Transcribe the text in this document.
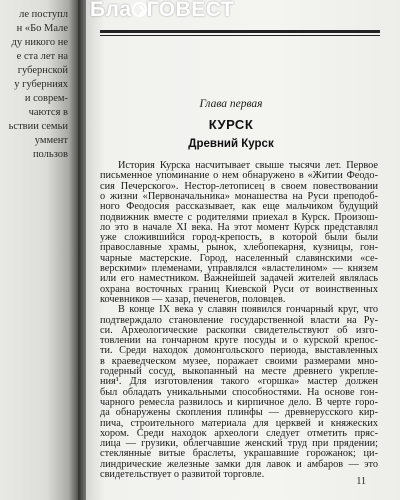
ле поступл
н «Бо Мале
ду никого не
е ста лет на
губернской
у губерниях
и соврем-
чаются в
ьствии семьи
уммент
пользов
Бла ГОВЕСТ
Глава первая
КУРСК
Древний Курск
История Курска насчитывает свыше тысячи лет. Первое
письменное упоминание о нем обнаружено в «Житии Феодо-
сия Печерского». Нестор-летописец в своем повествовании
о жизни «Первоначальника» монашества на Руси преподоб-
ного Феодосия рассказывает, как еще мальчиком будущий
подвижник вместе с родителями приехал в Курск. Произош-
ло это в начале XI века. На этот момент Курск представлял
уже сложившийся город-крепость, в которой были были
православные храмы, рынок, хлебопекарня, кузницы, гон-
чарные мастерские. Город, населенный славянскими «се-
верскими» племенами, управлялся «властелином» — князем
или его наместником. Важнейшей задачей жителей являлась
охрана восточных границ Киевской Руси от воинственных
кочевников — хазар, печенегов, половцев.
В конце IX века у славян появился гончарный круг, что
подтверждало становление государственной власти на Ру-
си. Археологические раскопки свидетельствуют об изго-
товлении на гончарном круге посуды и о курской крепос-
ти. Среди находок домонгольского периода, выставленных
в краеведческом музее, поражает своими размерами мно-
годерный сосуд, выкопанный на месте древнего укрепле-
ния¹. Для изготовления такого «горшка» мастер должен
был обладать уникальными способностями. На основе гон-
чарного ремесла развилось и кирпичное дело. В черте горо-
да обнаружены скопления плинфы — древнерусского кир-
пича, строительного материала для церквей и княжеских
хором. Среди находок археологи следует отметить пряс-
лица — грузики, облегчавшие женский труд при прядении;
стеклянные витые браслеты, украшавшие горожанок; ци-
линдрические железные замки для лавок и амбаров — это
свидетельствует о развитой торговле.
11
